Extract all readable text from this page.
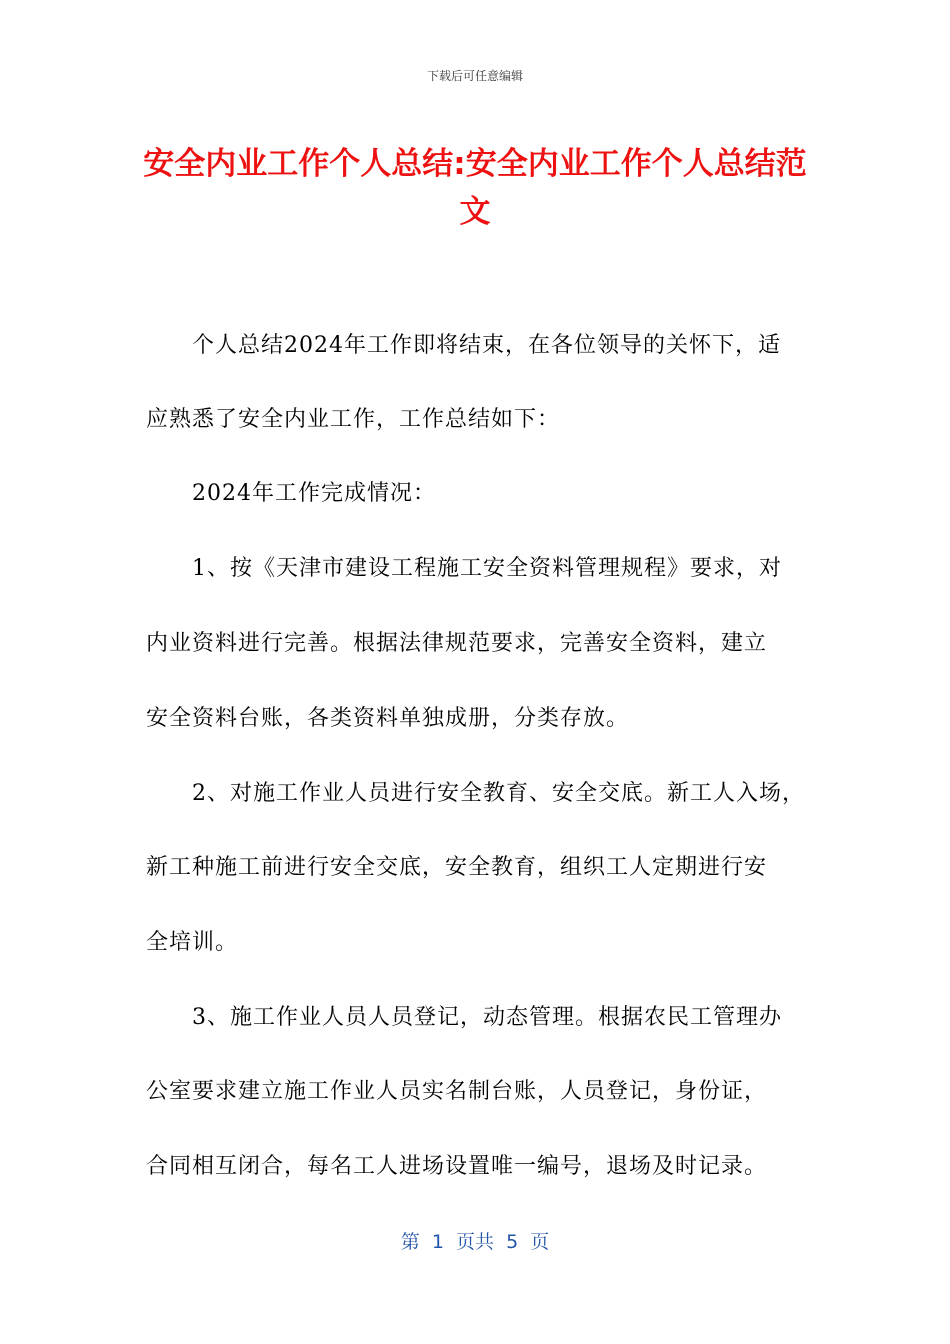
下载后可任意编辑
安全内业工作个人总结:安全内业工作个人总结范文
个人总结2024年工作即将结束，在各位领导的关怀下，适
应熟悉了安全内业工作，工作总结如下：
2024年工作完成情况：
1、按《天津市建设工程施工安全资料管理规程》要求，对
内业资料进行完善。根据法律规范要求，完善安全资料，建立
安全资料台账，各类资料单独成册，分类存放。
2、对施工作业人员进行安全教育、安全交底。新工人入场，
新工种施工前进行安全交底，安全教育，组织工人定期进行安
全培训。
3、施工作业人员人员登记，动态管理。根据农民工管理办
公室要求建立施工作业人员实名制台账，人员登记，身份证，
合同相互闭合，每名工人进场设置唯一编号，退场及时记录。
第  1  页共  5  页
